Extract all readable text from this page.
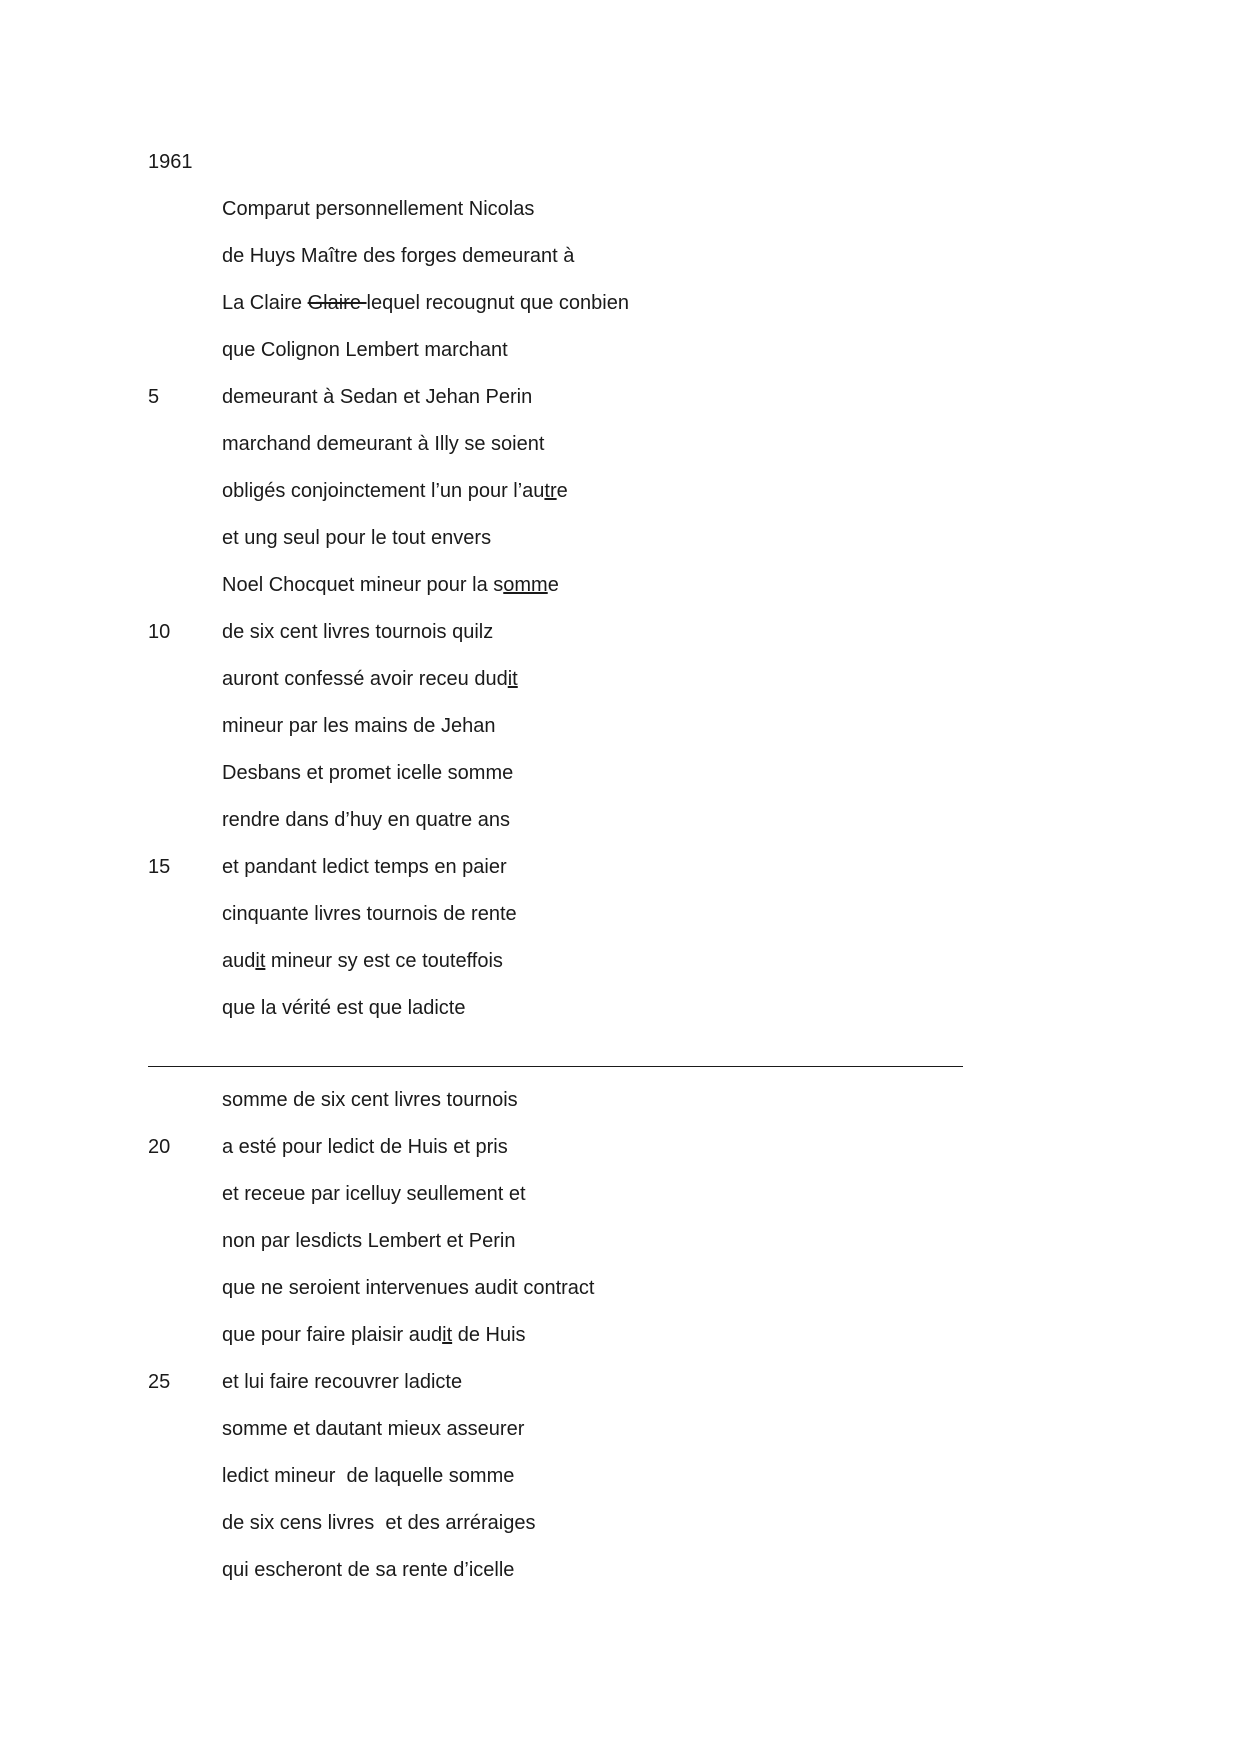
1961
Comparut personnellement Nicolas
de Huys Maître des forges demeurant à
La Claire Glaire lequel recougnut que conbien
que Colignon Lembert marchant
5	demeurant à Sedan et Jehan Perin
marchand demeurant à Illy se soient
obligés conjoinctement l’un pour l’autre
et ung seul pour le tout envers
Noel Chocquet mineur pour la somme
10	de six cent livres tournois quilz
auront confessé avoir receu dudit
mineur par les mains de Jehan
Desbans et promet icelle somme
rendre dans d’huy en quatre ans
15	et pandant ledict temps en paier
cinquante livres tournois de rente
audit mineur sy est ce touteffois
que la vérité est que ladicte
somme de six cent livres tournois
20	a esté pour ledict de Huis et pris
et receue par icelluy seullement et
non par lesdicts Lembert et Perin
que ne seroient intervenues audit contract
que pour faire plaisir audit de Huis
25	et lui faire recouvrer ladicte
somme et dautant mieux asseurer
ledict mineur  de laquelle somme
de six cens livres  et des arréraiges
qui escheront de sa rente d’icelle
